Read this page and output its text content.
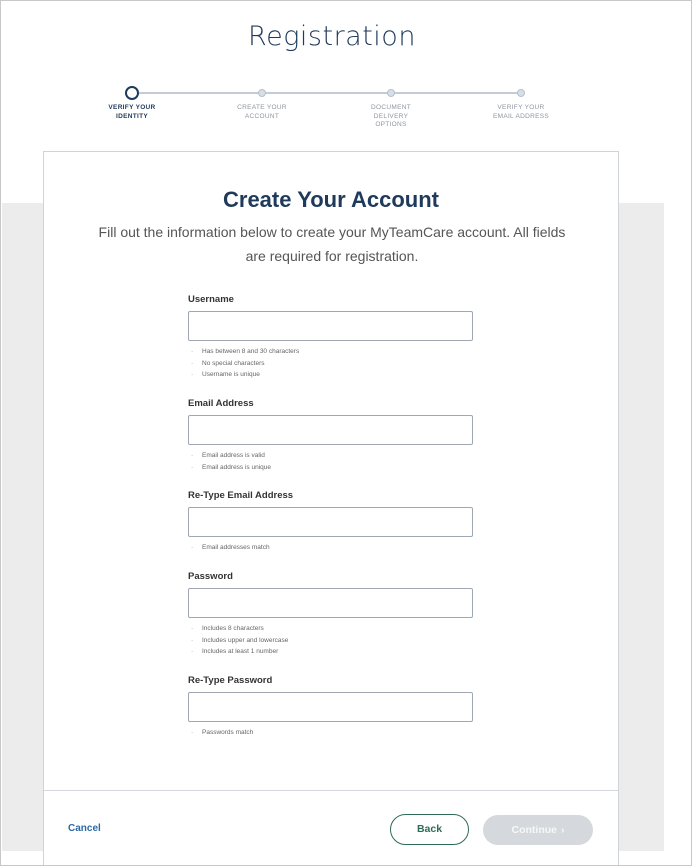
Registration
VERIFY YOUR
IDENTITY
CREATE YOUR
ACCOUNT
DOCUMENT
DELIVERY
OPTIONS
VERIFY YOUR
EMAIL ADDRESS
Create Your Account

Fill out the information below to create your MyTeamCare account. All fields are required for registration.

Username
· Has between 8 and 30 characters
· No special characters
· Username is unique
Email Address
· Email address is valid
· Email address is unique
Re-Type Email Address
· Email addresses match
Password
· Includes 8 characters
· Includes upper and lowercase
· Includes at least 1 number
Re-Type Password
· Passwords match
Cancel	Back	Continue ›
